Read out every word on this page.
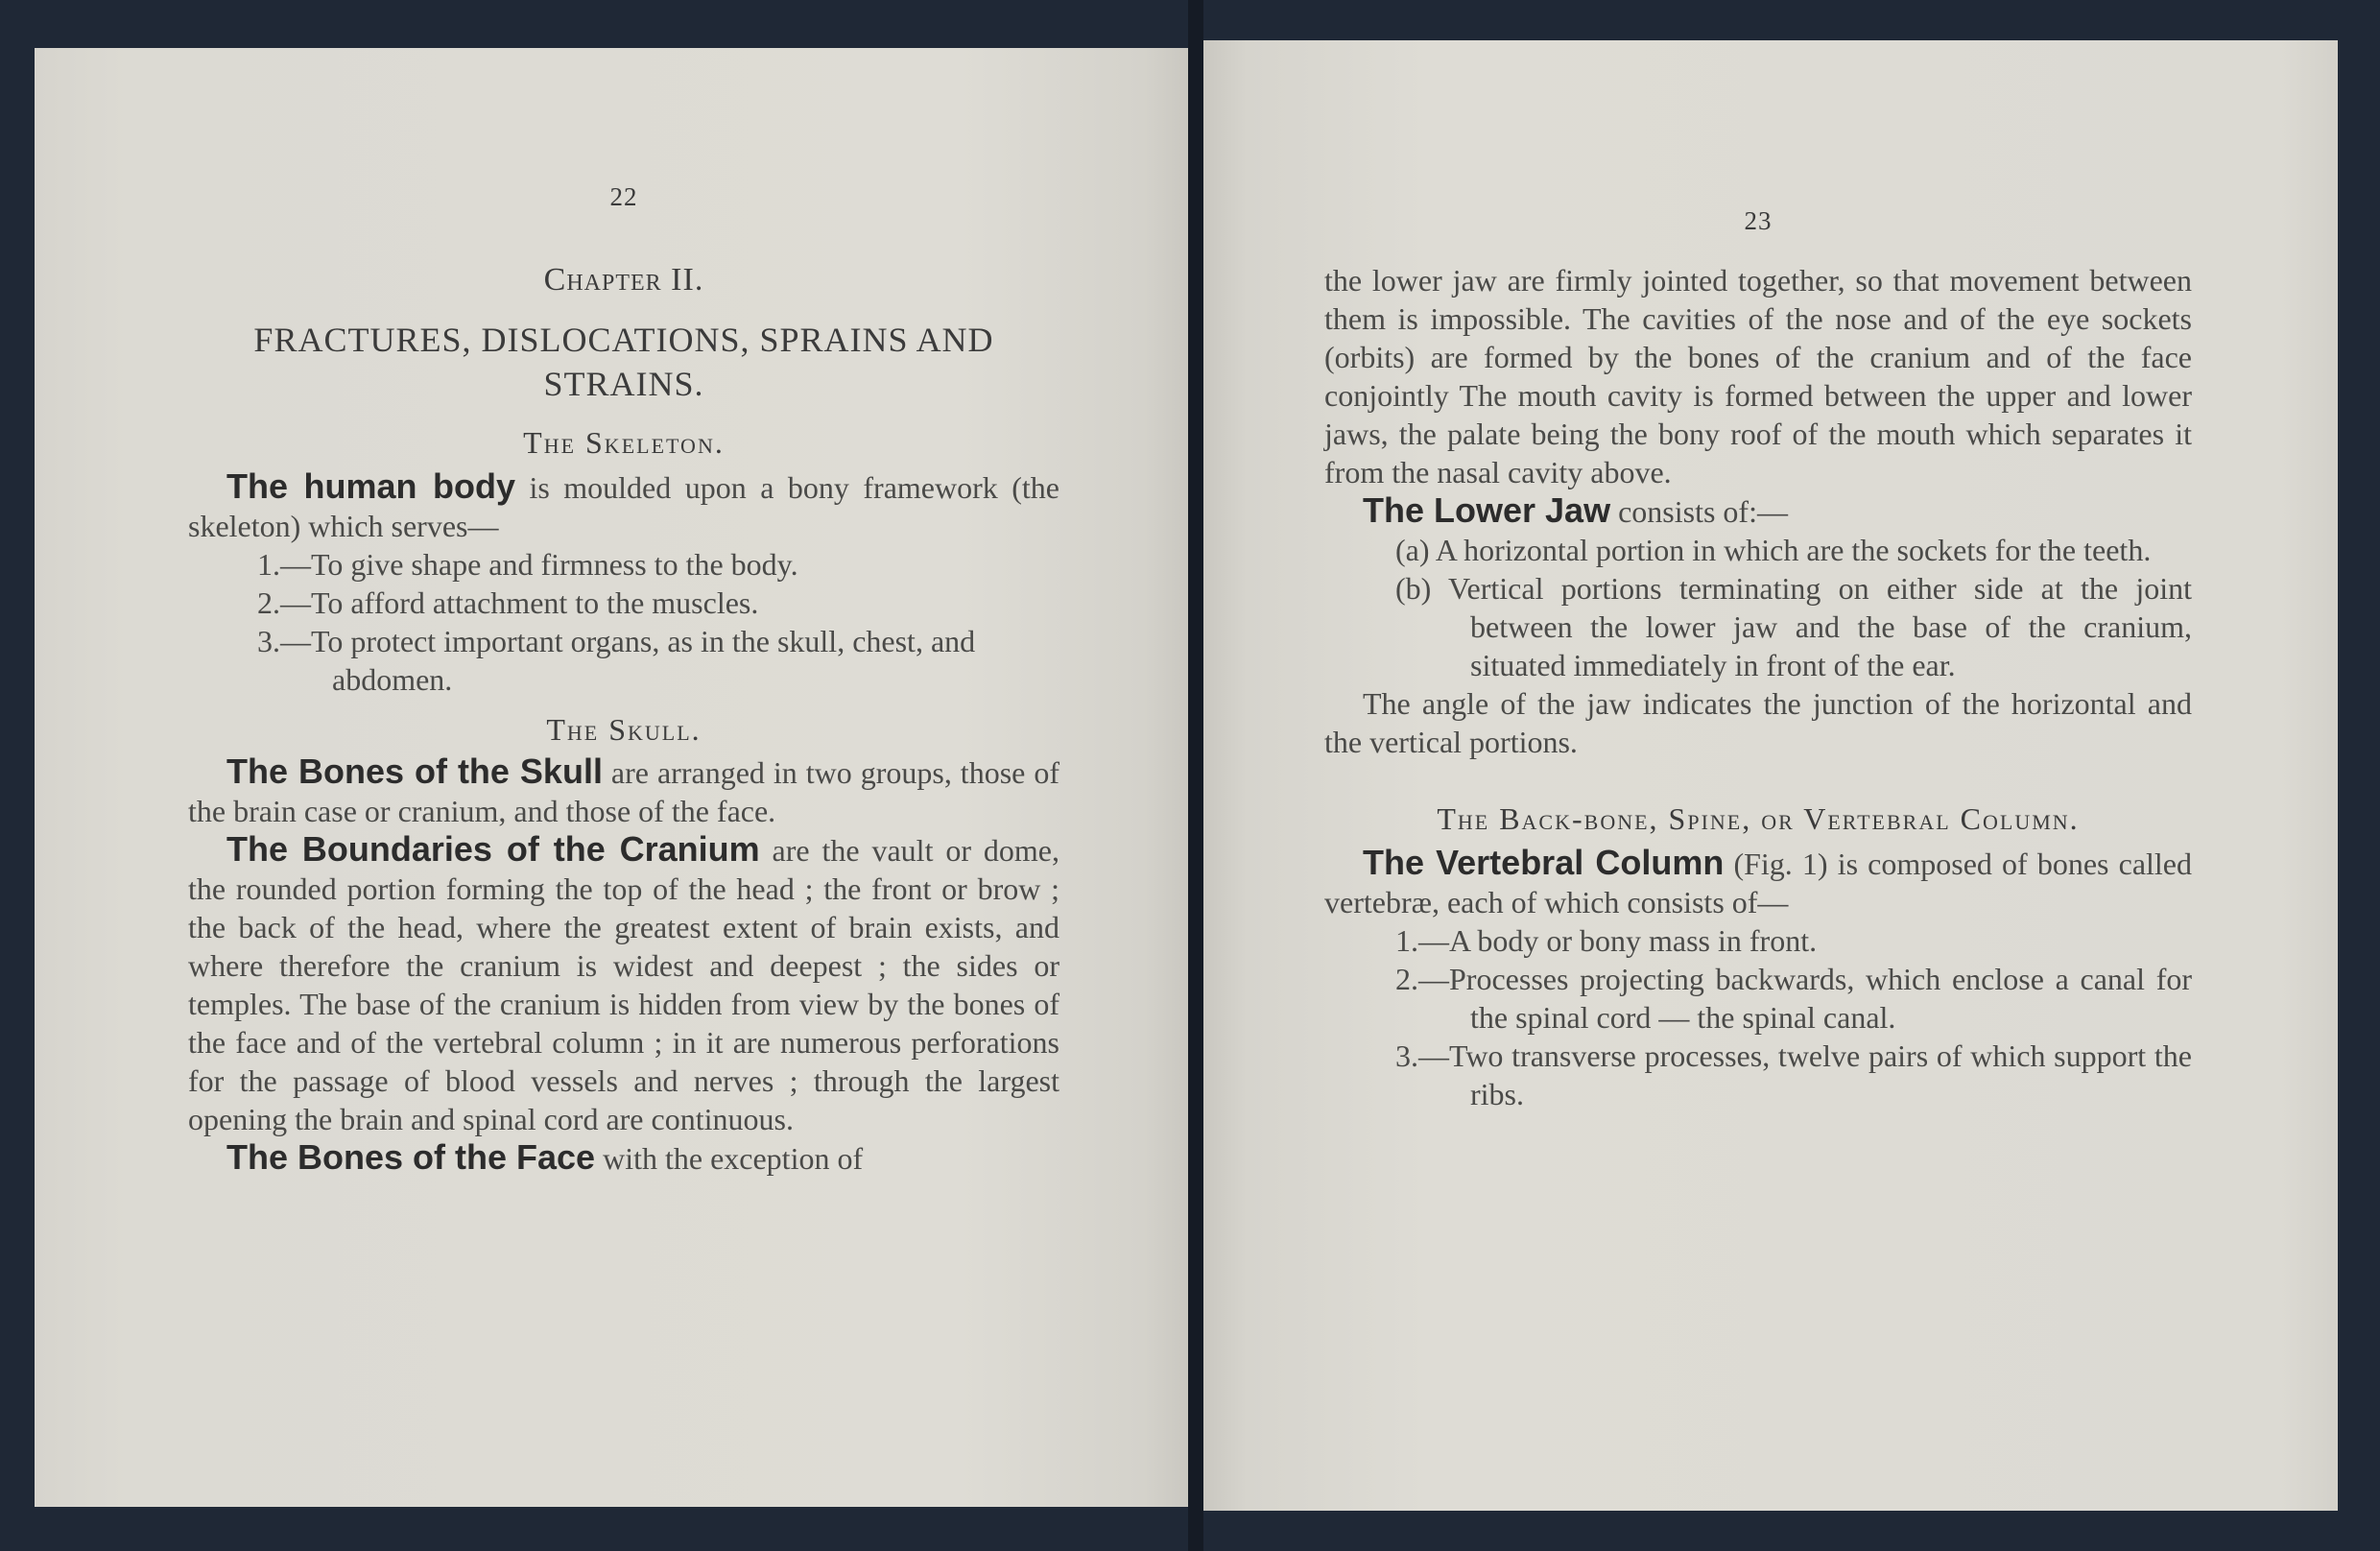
22
Chapter II.
FRACTURES, DISLOCATIONS, SPRAINS AND STRAINS.
The Skeleton.

The human body is moulded upon a bony framework (the skeleton) which serves—

1.—To give shape and firmness to the body.
2.—To afford attachment to the muscles.
3.—To protect important organs, as in the skull, chest, and abdomen.
The Skull.

The Bones of the Skull are arranged in two groups, those of the brain case or cranium, and those of the face.

The Boundaries of the Cranium are the vault or dome, the rounded portion forming the top of the head ; the front or brow ; the back of the head, where the greatest extent of brain exists, and where therefore the cranium is widest and deepest ; the sides or temples. The base of the cranium is hidden from view by the bones of the face and of the vertebral column ; in it are numerous perforations for the passage of blood vessels and nerves ; through the largest opening the brain and spinal cord are continuous.

The Bones of the Face with the exception of

23

the lower jaw are firmly jointed together, so that movement between them is impossible. The cavities of the nose and of the eye sockets (orbits) are formed by the bones of the cranium and of the face conjointly The mouth cavity is formed between the upper and lower jaws, the palate being the bony roof of the mouth which separates it from the nasal cavity above.

The Lower Jaw consists of:—

(a) A horizontal portion in which are the sockets for the teeth.
(b) Vertical portions terminating on either side at the joint between the lower jaw and the base of the cranium, situated immediately in front of the ear.

The angle of the jaw indicates the junction of the horizontal and the vertical portions.

The Back-bone, Spine, or Vertebral Column.

The Vertebral Column (Fig. 1) is composed of bones called vertebræ, each of which consists of—

1.—A body or bony mass in front.
2.—Processes projecting backwards, which enclose a canal for the spinal cord — the spinal canal.
3.—Two transverse processes, twelve pairs of which support the ribs.
